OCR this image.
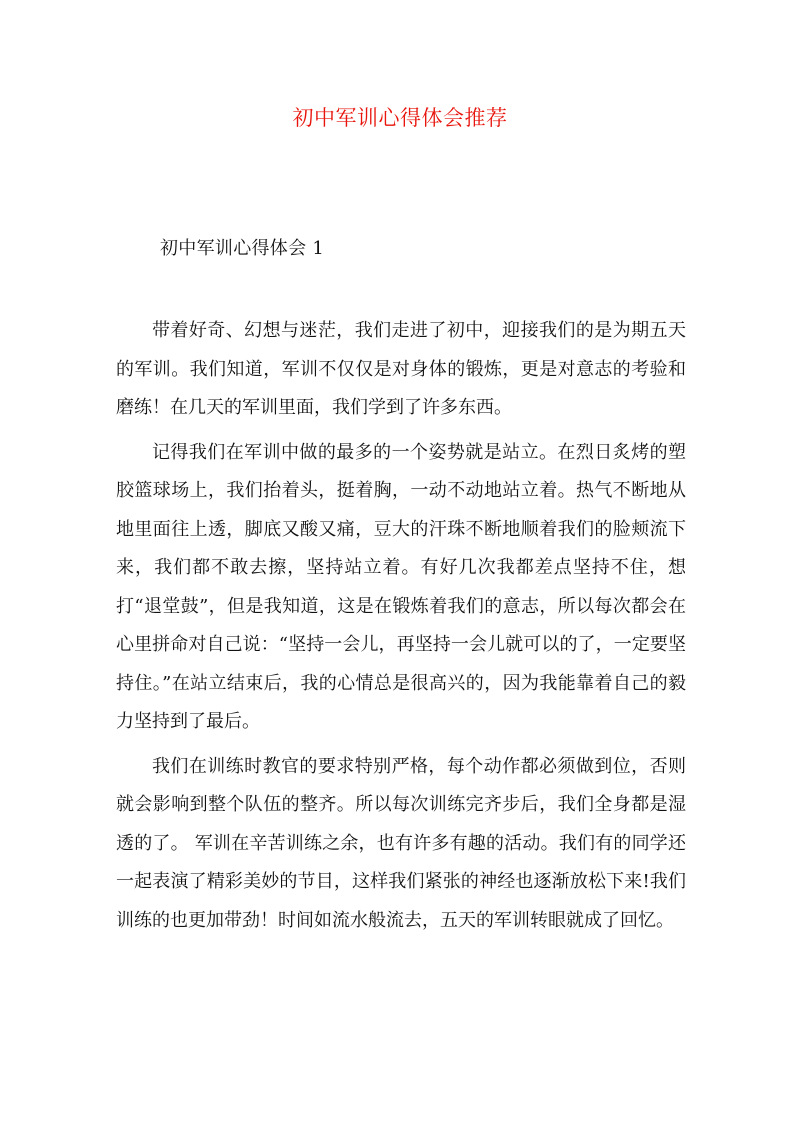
初中军训心得体会推荐
初中军训心得体会 1

带着好奇、幻想与迷茫，我们走进了初中，迎接我们的是为期五天的军训。我们知道，军训不仅仅是对身体的锻炼，更是对意志的考验和磨练！在几天的军训里面，我们学到了许多东西。

记得我们在军训中做的最多的一个姿势就是站立。在烈日炙烤的塑胶篮球场上，我们抬着头，挺着胸，一动不动地站立着。热气不断地从地里面往上透，脚底又酸又痛，豆大的汗珠不断地顺着我们的脸颊流下来，我们都不敢去擦，坚持站立着。有好几次我都差点坚持不住，想打“退堂鼓”，但是我知道，这是在锻炼着我们的意志，所以每次都会在心里拼命对自己说：“坚持一会儿，再坚持一会儿就可以的了，一定要坚持住。”在站立结束后，我的心情总是很高兴的，因为我能靠着自己的毅力坚持到了最后。

我们在训练时教官的要求特别严格，每个动作都必须做到位，否则就会影响到整个队伍的整齐。所以每次训练完齐步后，我们全身都是湿透的了。 军训在辛苦训练之余，也有许多有趣的活动。我们有的同学还一起表演了精彩美妙的节目，这样我们紧张的神经也逐渐放松下来!我们训练的也更加带劲！时间如流水般流去，五天的军训转眼就成了回忆。
